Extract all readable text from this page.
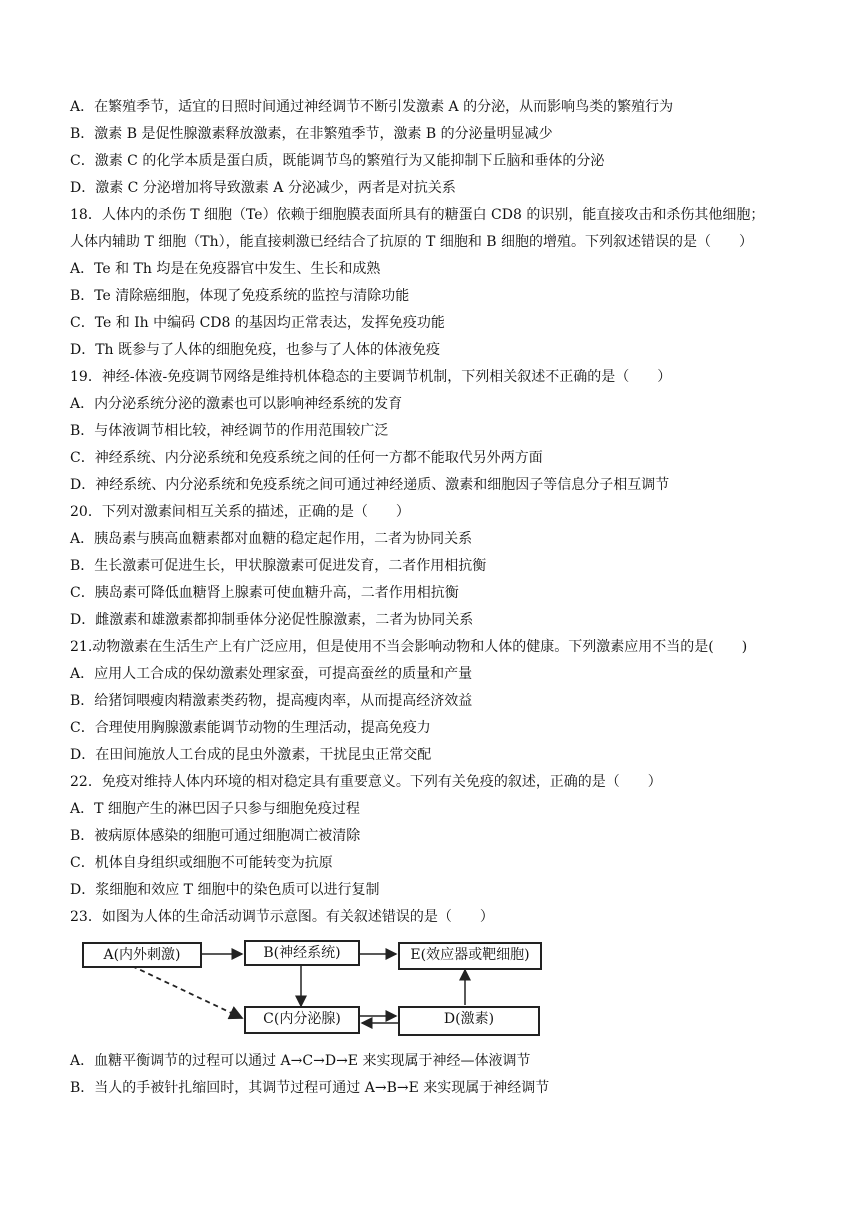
A．在繁殖季节，适宜的日照时间通过神经调节不断引发激素 A 的分泌，从而影响鸟类的繁殖行为
B．激素 B 是促性腺激素释放激素，在非繁殖季节，激素 B 的分泌量明显减少
C．激素 C 的化学本质是蛋白质，既能调节鸟的繁殖行为又能抑制下丘脑和垂体的分泌
D．激素 C 分泌增加将导致激素 A 分泌减少，两者是对抗关系
18．人体内的杀伤 T 细胞（Te）依赖于细胞膜表面所具有的糖蛋白 CD8 的识别，能直接攻击和杀伤其他细胞；
人体内辅助 T 细胞（Th），能直接刺激已经结合了抗原的 T 细胞和 B 细胞的增殖。下列叙述错误的是（　　）
A．Te 和 Th 均是在免疫器官中发生、生长和成熟
B．Te 清除癌细胞，体现了免疫系统的监控与清除功能
C．Te 和 Ih 中编码 CD8 的基因均正常表达，发挥免疫功能
D．Th 既参与了人体的细胞免疫，也参与了人体的体液免疫
19．神经-体液-免疫调节网络是维持机体稳态的主要调节机制，下列相关叙述不正确的是（　　）
A．内分泌系统分泌的激素也可以影响神经系统的发育
B．与体液调节相比较，神经调节的作用范围较广泛
C．神经系统、内分泌系统和免疫系统之间的任何一方都不能取代另外两方面
D．神经系统、内分泌系统和免疫系统之间可通过神经递质、激素和细胞因子等信息分子相互调节
20．下列对激素间相互关系的描述，正确的是（　　）
A．胰岛素与胰高血糖素都对血糖的稳定起作用，二者为协同关系
B．生长激素可促进生长，甲状腺激素可促进发育，二者作用相抗衡
C．胰岛素可降低血糖肾上腺素可使血糖升高，二者作用相抗衡
D．雌激素和雄激素都抑制垂体分泌促性腺激素，二者为协同关系
21.动物激素在生活生产上有广泛应用，但是使用不当会影响动物和人体的健康。下列激素应用不当的是(　　)
A．应用人工合成的保幼激素处理家蚕，可提高蚕丝的质量和产量
B．给猪饲喂瘦肉精激素类药物，提高瘦肉率，从而提高经济效益
C．合理使用胸腺激素能调节动物的生理活动，提高免疫力
D．在田间施放人工台成的昆虫外激素，干扰昆虫正常交配
22．免疫对维持人体内环境的相对稳定具有重要意义。下列有关免疫的叙述，正确的是（　　）
A．T 细胞产生的淋巴因子只参与细胞免疫过程
B．被病原体感染的细胞可通过细胞凋亡被清除
C．机体自身组织或细胞不可能转变为抗原
D．浆细胞和效应 T 细胞中的染色质可以进行复制
23．如图为人体的生命活动调节示意图。有关叙述错误的是（　　）
A(内外刺激)	B(神经系统)	E(效应器或靶细胞)
C(内分泌腺)	D(激素)
A．血糖平衡调节的过程可以通过 A→C→D→E 来实现属于神经—体液调节
B．当人的手被针扎缩回时，其调节过程可通过 A→B→E 来实现属于神经调节
